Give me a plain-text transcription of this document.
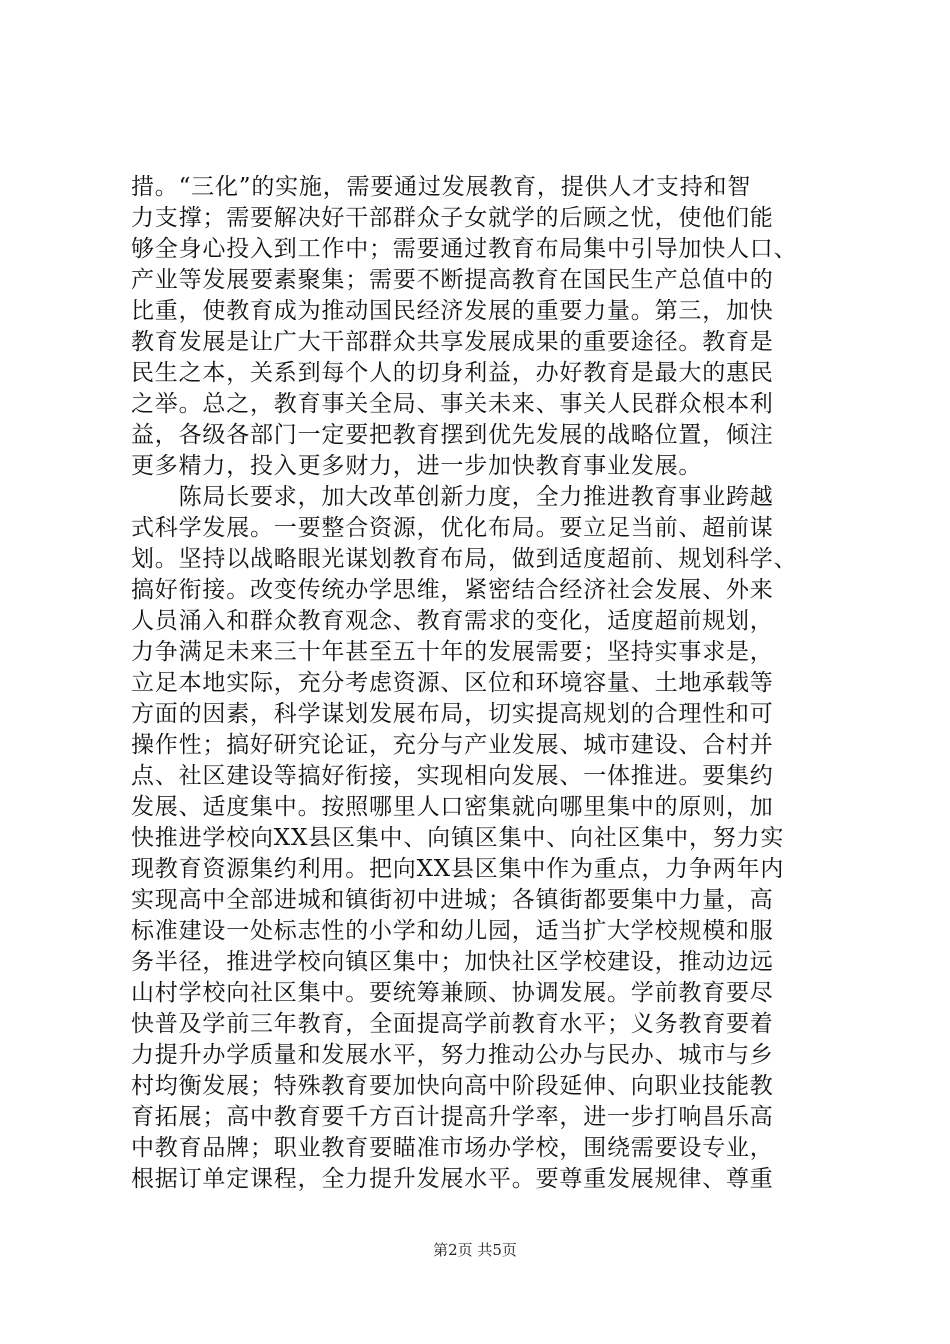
措。“三化”的实施，需要通过发展教育，提供人才支持和智
力支撑；需要解决好干部群众子女就学的后顾之忧，使他们能
够全身心投入到工作中；需要通过教育布局集中引导加快人口、
产业等发展要素聚集；需要不断提高教育在国民生产总值中的
比重，使教育成为推动国民经济发展的重要力量。第三，加快
教育发展是让广大干部群众共享发展成果的重要途径。教育是
民生之本，关系到每个人的切身利益，办好教育是最大的惠民
之举。总之，教育事关全局、事关未来、事关人民群众根本利
益，各级各部门一定要把教育摆到优先发展的战略位置，倾注
更多精力，投入更多财力，进一步加快教育事业发展。
　　陈局长要求，加大改革创新力度，全力推进教育事业跨越
式科学发展。一要整合资源，优化布局。要立足当前、超前谋
划。坚持以战略眼光谋划教育布局，做到适度超前、规划科学、
搞好衔接。改变传统办学思维，紧密结合经济社会发展、外来
人员涌入和群众教育观念、教育需求的变化，适度超前规划，
力争满足未来三十年甚至五十年的发展需要；坚持实事求是，
立足本地实际，充分考虑资源、区位和环境容量、土地承载等
方面的因素，科学谋划发展布局，切实提高规划的合理性和可
操作性；搞好研究论证，充分与产业发展、城市建设、合村并
点、社区建设等搞好衔接，实现相向发展、一体推进。要集约
发展、适度集中。按照哪里人口密集就向哪里集中的原则，加
快推进学校向XX县区集中、向镇区集中、向社区集中，努力实
现教育资源集约利用。把向XX县区集中作为重点，力争两年内
实现高中全部进城和镇街初中进城；各镇街都要集中力量，高
标准建设一处标志性的小学和幼儿园，适当扩大学校规模和服
务半径，推进学校向镇区集中；加快社区学校建设，推动边远
山村学校向社区集中。要统筹兼顾、协调发展。学前教育要尽
快普及学前三年教育，全面提高学前教育水平；义务教育要着
力提升办学质量和发展水平，努力推动公办与民办、城市与乡
村均衡发展；特殊教育要加快向高中阶段延伸、向职业技能教
育拓展；高中教育要千方百计提高升学率，进一步打响昌乐高
中教育品牌；职业教育要瞄准市场办学校，围绕需要设专业，
根据订单定课程，全力提升发展水平。要尊重发展规律、尊重
第2页 共5页
